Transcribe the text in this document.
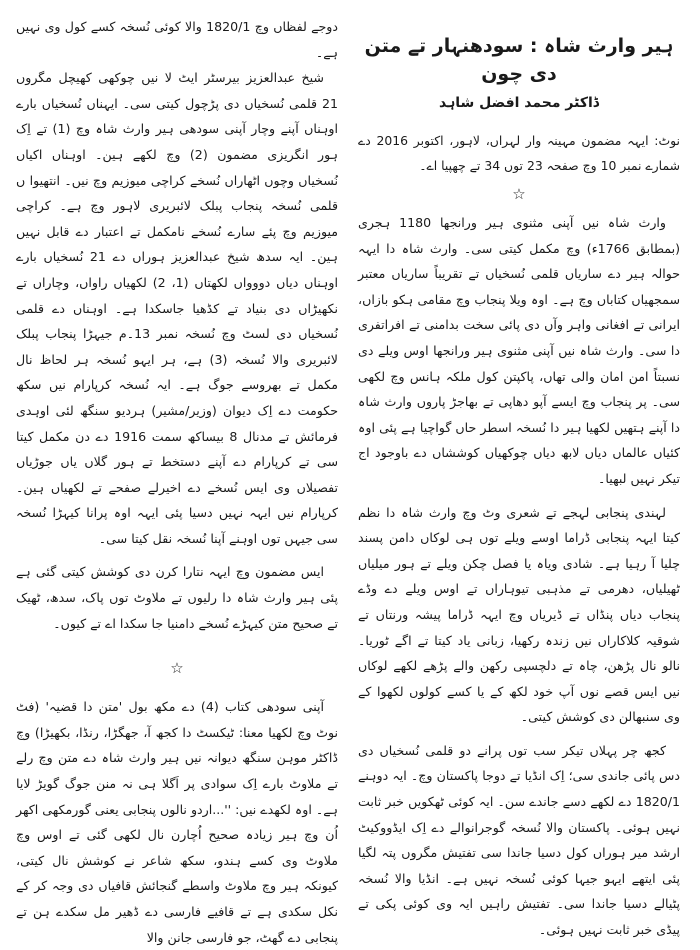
ہیر وارث شاہ : سودھنہار تے متن دی چون
ڈاکٹر محمد افضل شاہد

نوٹ: ایہہ مضمون مہینہ وار لہراں، لاہور، اکتوبر 2016 دے شمارے نمبر 10 وچ صفحہ 23 توں 34 تے چھپیا اے۔

☆

وارث شاہ نیں آپنی مثنوی ہیر ورانجھا 1180 ہجری (بمطابق 1766ء) وچ مکمل کیتی سی۔ وارث شاہ دا ایہہ حوالہ ہیر دے ساریاں قلمی نُسخیاں تے تقریباً ساریاں معتبر سمجھیاں کتاباں وچ ہے۔ اوہ ویلا پنجاب وچ مقامی ہکو بازاں، ایرانی تے افغانی واہر وآں دی پائی سخت بدامنی تے افراتفری دا سی۔ وارث شاہ نیں آپنی مثنوی ہیر ورانجھا اوس ویلے دی نسبتاً امن امان والی تھاں، پاکپتن کول ملکہ ہانس وچ لکھی سی۔ پر پنجاب وچ ایسے آپو دھاپی تے بھاجڑ پاروں وارث شاہ دا آپنے ہتھیں لکھیا ہیر دا نُسخہ اسطر حاں گواچیا ہے پئی اوہ کئیاں عالماں دیاں لابھ دیاں چوکھیاں کوششاں دے باوجود اج تیکر نہیں لبھیا۔

لہندی پنجابی لہجے تے شعری وٹ وچ وارث شاہ دا نظم کیتا ایہہ پنجابی ڈراما اوسے ویلے توں ہی لوکاں دامن پسند چلیا آ رہیا ہے۔ شادی ویاہ یا فصل چکن ویلے تے ہور میلیاں ٹھیلیاں، دھرمی تے مذہبی تیوہاراں تے اوس ویلے دے وڈے پنجاب دیاں پنڈاں تے ڈیریاں وچ ایہہ ڈراما پیشہ ورنتاں تے شوقیہ کلاکاراں نیں زندہ رکھیا، زبانی یاد کیتا تے اگے ٹوریا۔ نالو نال پڑھن، چاہ تے دلچسپی رکھن والے پڑھے لکھے لوکاں نیں ایس قصے نوں آپ خود لکھ کے یا کسے کولوں لکھوا کے وی سنبھالن دی کوشش کیتی۔

کجھ چر پہلاں تیکر سب توں پرانے دو قلمی نُسخیاں دی دس پائی جاندی سی؛ اِک انڈیا تے دوجا پاکستان وچ۔ ایہ دوہنے 1820/1 دے لکھے دسے جاندے سن۔ ایہ کوئی ٹھکویں خبر ثابت نہیں ہوئی۔ پاکستان والا نُسخہ گوجرانوالے دے اِک ایڈووکیٹ ارشد میر ہوراں کول دسیا جاندا سی تفتیش مگروں پتہ لگیا پئی ایتھے ایہو جیہا کوئی نُسخہ نہیں ہے۔ انڈیا والا نُسخہ پٹیالے دسیا جاندا سی۔ تفتیش راہیں ایہ وی کوئی پکی تے پیڈی خبر ثابت نہیں ہوئی۔

دوجے لفظاں وچ 1820/1 والا کوئی نُسخہ کسے کول وی نہیں ہے۔

شیخ عبدالعزیز بیرسٹر ایٹ لا نیں چوکھی کھیچل مگروں 21 قلمی نُسخیاں دی پڑچول کیتی سی۔ ایہناں نُسخیاں بارے اوہناں آپنے وچار آپنی سودھی ہیر وارث شاہ وچ (1) تے اِک ہور انگریزی مضمون (2) وچ لکھے ہین۔ اوہناں اکیاں نُسخیاں وچوں اٹھاراں نُسخے کراچی میوزیم وچ نیں۔ انتھیوا ں قلمی نُسخہ پنجاب پبلک لائبریری لاہور وچ ہے۔ کراچی میوزیم وچ پئے سارے نُسخے نامکمل تے اعتبار دے قابل نہیں ہین۔ ایہ سدھ شیخ عبدالعزیز ہوراں دے 21 نُسخیاں بارے اوہناں دیاں دووواں لکھتاں (1، 2) لکھیاں راواں، وچاراں تے نکھیڑاں دی بنیاد تے کڈھیا جاسکدا ہے۔ اوہناں دے قلمی نُسخیاں دی لسٹ وچ نُسخہ نمبر 13۔م جیہڑا پنجاب پبلک لائبریری والا نُسخہ (3) ہے، ہر ایہو نُسخہ ہر لحاظ نال مکمل تے بھروسے جوگ ہے۔ ایہ نُسخہ کرپارام نیں سکھ حکومت دے اِک دیوان (وزیر/مشیر) ہردیو سنگھ لئی اوہدی فرمائش تے مدنال 8 بیساکھ سمت 1916 دے دن مکمل کیتا سی تے کرپارام دے آپنے دستخط تے ہور گلاں یاں جوڑیاں تفصیلاں وی ایس نُسخے دے اخیرلے صفحے تے لکھیاں ہین۔ کرپارام نیں ایہہ نہیں دسیا پئی ایہہ اوہ پرانا کیہڑا نُسخہ سی جیہں توں اوہنے آپنا نُسخہ نقل کیتا سی۔

ایس مضمون وچ ایہہ نتارا کرن دی کوشش کیتی گئی ہے پئی ہیر وارث شاہ دا رلیوں تے ملاوٹ توں پاک، سدھ، ٹھیک تے صحیح متن کیہڑے نُسخے دامنیا جا سکدا اے تے کیوں۔

☆

آپنی سودھی کتاب (4) دے مکھ بول 'متن دا قضیہ' (فٹ نوٹ وچ لکھیا معنا: ٹیکسٹ دا کجھ آ، جھگڑا، رنڈا، بکھیڑا) وچ ڈاکٹر موہن سنگھ دیوانہ نیں ہیر وارث شاہ دے متن وچ رلے تے ملاوٹ بارے اِک سوادی پر اَگلا ہی نہ منن جوگ گویڑ لایا ہے۔ اوہ لکھدے نیں: ''...اردو نالوں پنجابی یعنی گورمکھی اکھر اُن وچ ہیر زیادہ صحیح اُچارن نال لکھی گئی تے اوس وچ ملاوٹ وی کسے ہندو، سکھ شاعر نے کوشش نال کیتی، کیونکہ ہیر وچ ملاوٹ واسطے گنجائش قافیاں دی وجہ کر کے نکل سکدی ہے تے قافیے فارسی دے ڈھیر مل سکدے ہن تے پنجابی دے گھٹ، جو فارسی جانن والا
